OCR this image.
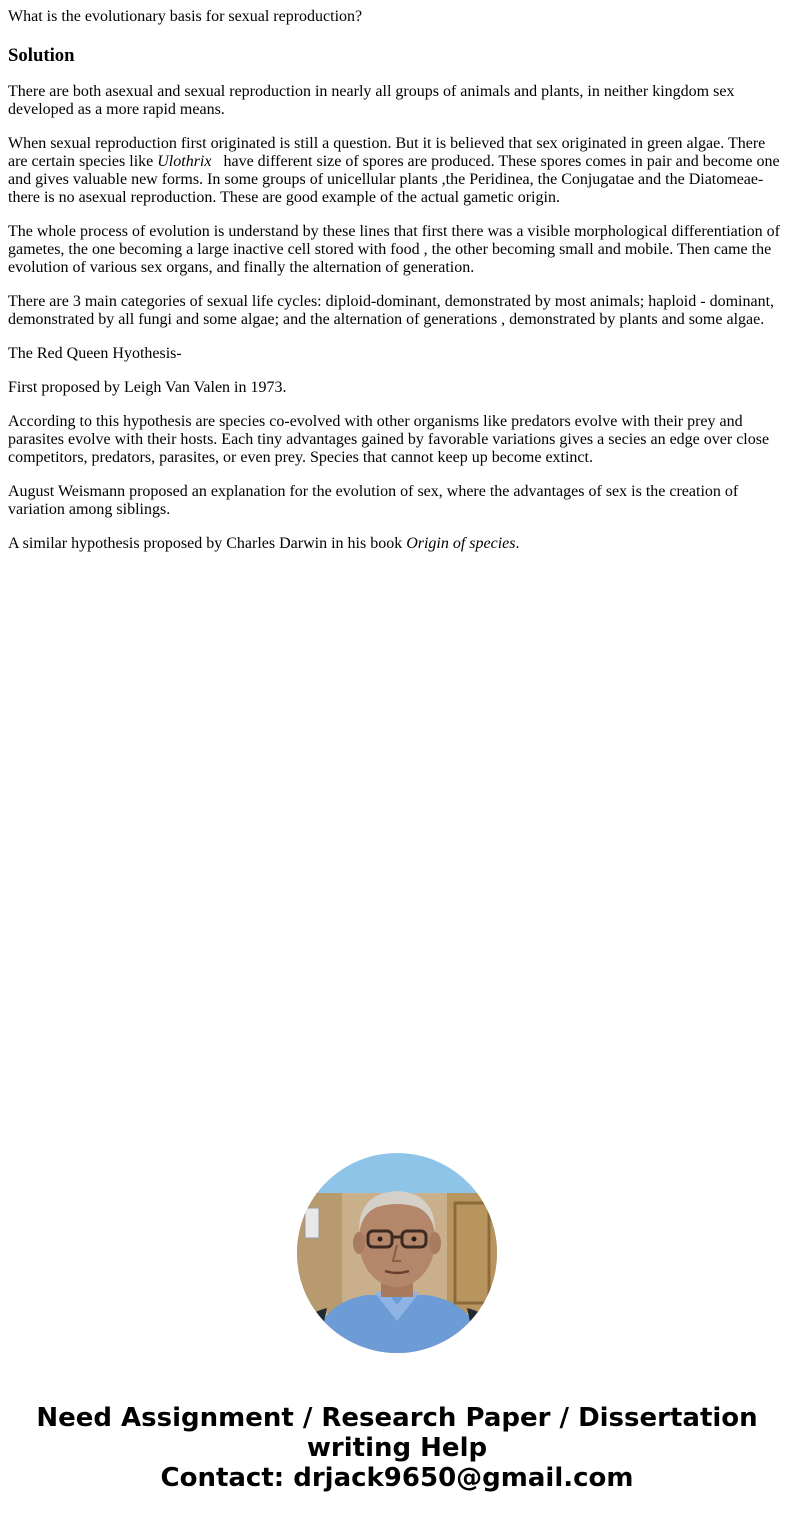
What is the evolutionary basis for sexual reproduction?
Solution

There are both asexual and sexual reproduction in nearly all groups of animals and plants, in neither kingdom sex developed as a more rapid means.

When sexual reproduction first originated is still a question. But it is believed that sex originated in green algae. There are certain species like Ulothrix   have different size of spores are produced. These spores comes in pair and become one and gives valuable new forms. In some groups of unicellular plants ,the Peridinea, the Conjugatae and the Diatomeae- there is no asexual reproduction. These are good example of the actual gametic origin.

The whole process of evolution is understand by these lines that first there was a visible morphological differentiation of gametes, the one becoming a large inactive cell stored with food , the other becoming small and mobile. Then came the evolution of various sex organs, and finally the alternation of generation.

There are 3 main categories of sexual life cycles: diploid-dominant, demonstrated by most animals; haploid - dominant, demonstrated by all fungi and some algae; and the alternation of generations , demonstrated by plants and some algae.

The Red Queen Hyothesis-

First proposed by Leigh Van Valen in 1973.

According to this hypothesis are species co-evolved with other organisms like predators evolve with their prey and parasites evolve with their hosts. Each tiny advantages gained by favorable variations gives a secies an edge over close competitors, predators, parasites, or even prey. Species that cannot keep up become extinct.

August Weismann proposed an explanation for the evolution of sex, where the advantages of sex is the creation of variation among siblings.

A similar hypothesis proposed by Charles Darwin in his book Origin of species.

Need Assignment / Research Paper / Dissertation
writing Help
Contact: drjack9650@gmail.com
